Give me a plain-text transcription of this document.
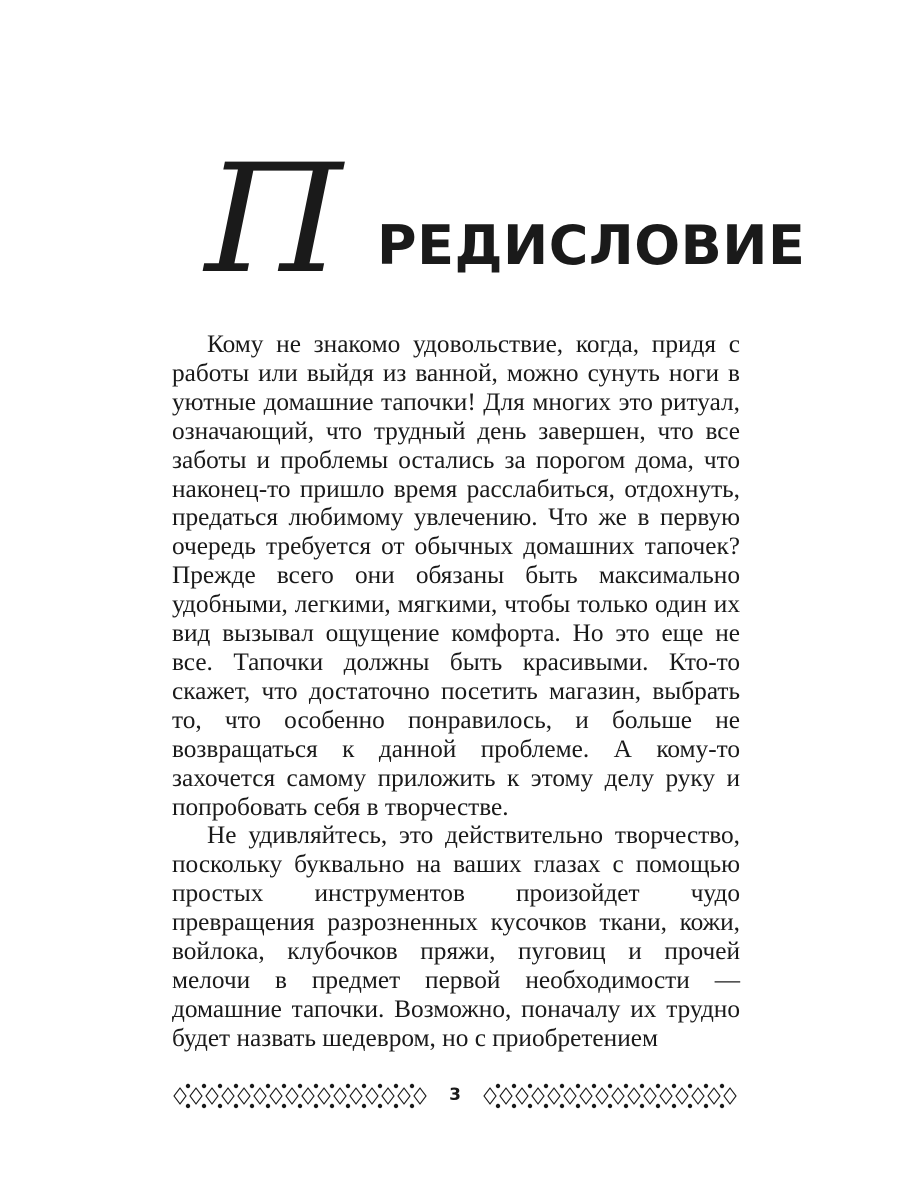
П РЕДИСЛОВИЕ

Кому не знакомо удовольствие, когда, придя с работы или выйдя из ванной, можно сунуть ноги в уютные домашние тапочки! Для многих это ритуал, означающий, что трудный день завершен, что все заботы и проблемы остались за порогом дома, что наконец-то пришло время расслабиться, отдохнуть, предаться любимому увлечению. Что же в первую очередь требуется от обычных домашних тапочек? Прежде всего они обязаны быть максимально удобными, легкими, мягкими, чтобы только один их вид вызывал ощущение комфорта. Но это еще не все. Тапочки должны быть красивыми. Кто-то скажет, что достаточно посетить магазин, выбрать то, что особенно понравилось, и больше не возвращаться к данной проблеме. А кому-то захочется самому приложить к этому делу руку и попробовать себя в творчестве.

Не удивляйтесь, это действительно творчество, поскольку буквально на ваших глазах с помощью простых инструментов произойдет чудо превращения разрозненных кусочков ткани, кожи, войлока, клубочков пряжи, пуговиц и прочей мелочи в предмет первой необходимости — домашние тапочки. Возможно, поначалу их трудно будет назвать шедевром, но с приобретением

3
